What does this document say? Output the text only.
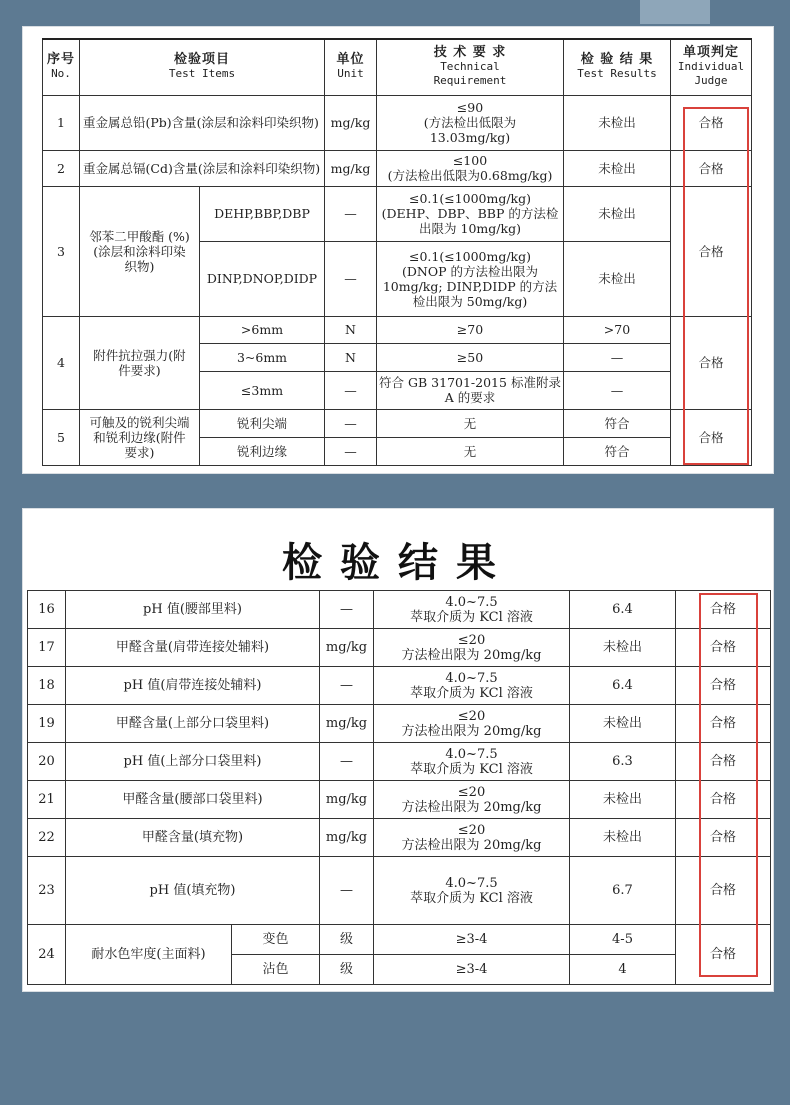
序号
No.	检验项目
Test Items		单位
Unit	技 术 要 求
Technical
Requirement	检 验 结 果
Test Results	单项判定
Individual
Judge

1	重金属总铅(Pb)含量(涂层和涂料印染织物)		mg/kg	≤90
(方法检出低限为
13.03mg/kg)	未检出	合格
2	重金属总镉(Cd)含量(涂层和涂料印染织物)		mg/kg	≤100
(方法检出低限为0.68mg/kg)	未检出	合格
3	邻苯二甲酸酯 (%)
(涂层和涂料印染
织物)	DEHP,BBP,DBP	—	≤0.1(≤1000mg/kg)
(DEHP、DBP、BBP 的方法检
出限为 10mg/kg)	未检出	合格
		DINP,DNOP,DIDP	—	≤0.1(≤1000mg/kg)
(DNOP 的方法检出限为
10mg/kg; DINP,DIDP 的方法
检出限为 50mg/kg)	未检出	
4	附件抗拉强力(附
件要求)	>6mm	N	≥70	>70	合格
		3~6mm	N	≥50	—	
		≤3mm	—	符合 GB 31701-2015 标准附录
A 的要求	—	
5	可触及的锐利尖端
和锐利边缘(附件
要求)	锐利尖端	—	无	符合	合格
		锐利边缘	—	无	符合	
检验结果
16	pH 值(腰部里料)		—	4.0~7.5
萃取介质为 KCl 溶液	6.4	合格
17	甲醛含量(肩带连接处辅料)		mg/kg	≤20
方法检出限为 20mg/kg	未检出	合格
18	pH 值(肩带连接处辅料)		—	4.0~7.5
萃取介质为 KCl 溶液	6.4	合格
19	甲醛含量(上部分口袋里料)		mg/kg	≤20
方法检出限为 20mg/kg	未检出	合格
20	pH 值(上部分口袋里料)		—	4.0~7.5
萃取介质为 KCl 溶液	6.3	合格
21	甲醛含量(腰部口袋里料)		mg/kg	≤20
方法检出限为 20mg/kg	未检出	合格
22	甲醛含量(填充物)		mg/kg	≤20
方法检出限为 20mg/kg	未检出	合格
23	pH 值(填充物)		—	4.0~7.5
萃取介质为 KCl 溶液	6.7	合格
24	耐水色牢度(主面料)	变色	级	≥3-4	4-5	合格
		沾色	级	≥3-4	4	
